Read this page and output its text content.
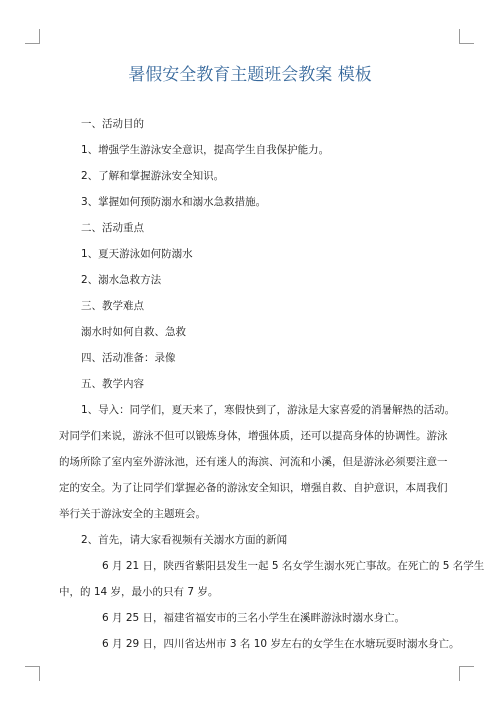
暑假安全教育主题班会教案 模板

一、活动目的

1、增强学生游泳安全意识，提高学生自我保护能力。

2、了解和掌握游泳安全知识。

3、掌握如何预防溺水和溺水急救措施。

二、活动重点

1、夏天游泳如何防溺水

2、溺水急救方法

三、教学难点

溺水时如何自救、急救

四、活动准备：录像

五、教学内容

1、导入：同学们，夏天来了，寒假快到了，游泳是大家喜爱的消暑解热的活动。
对同学们来说，游泳不但可以锻炼身体，增强体质，还可以提高身体的协调性。游泳
的场所除了室内室外游泳池，还有迷人的海滨、河流和小溪，但是游泳必须要注意一
定的安全。为了让同学们掌握必备的游泳安全知识，增强自救、自护意识，本周我们
举行关于游泳安全的主题班会。

2、首先，请大家看视频有关溺水方面的新闻

6 月 21 日，陕西省紫阳县发生一起 5 名女学生溺水死亡事故。在死亡的 5 名学生
中，的 14 岁，最小的只有 7 岁。

6 月 25 日，福建省福安市的三名小学生在溪畔游泳时溺水身亡。

6 月 29 日，四川省达州市 3 名 10 岁左右的女学生在水塘玩耍时溺水身亡。
